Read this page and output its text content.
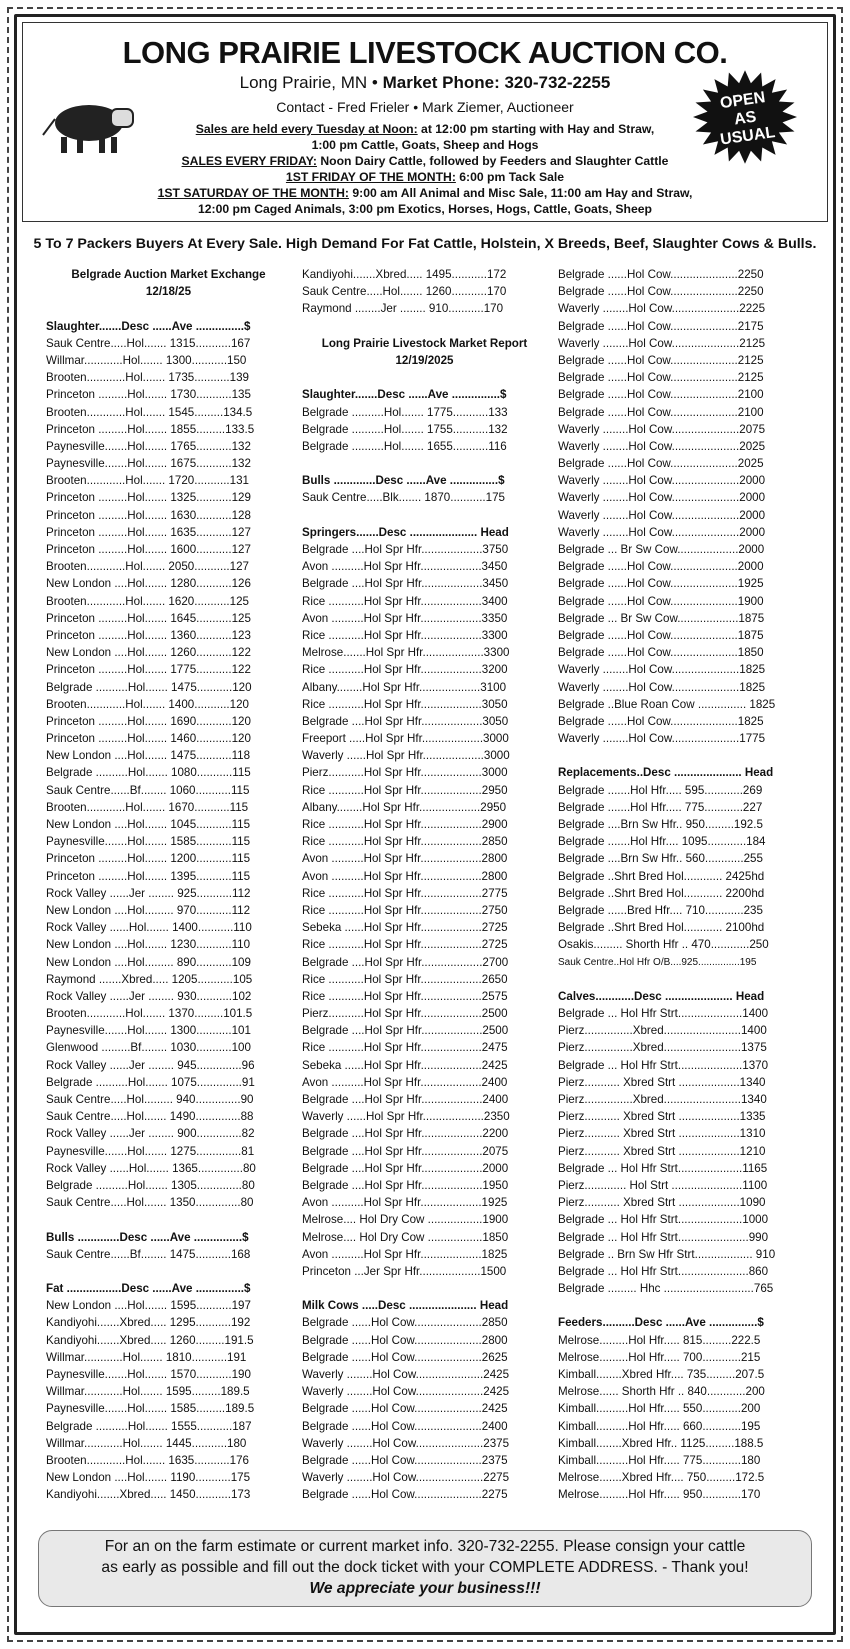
LONG PRAIRIE LIVESTOCK AUCTION CO.
Long Prairie, MN • Market Phone: 320-732-2255
Contact - Fred Frieler • Mark Ziemer, Auctioneer
Sales are held every Tuesday at Noon: at 12:00 pm starting with Hay and Straw,
1:00 pm Cattle, Goats, Sheep and Hogs
SALES EVERY FRIDAY: Noon Dairy Cattle, followed by Feeders and Slaughter Cattle
1ST FRIDAY OF THE MONTH: 6:00 pm Tack Sale
1ST SATURDAY OF THE MONTH: 9:00 am All Animal and Misc Sale, 11:00 am Hay and Straw,
12:00 pm Caged Animals, 3:00 pm Exotics, Horses, Hogs, Cattle, Goats, Sheep
OPEN
AS
USUAL
5 To 7 Packers Buyers At Every Sale. High Demand For Fat Cattle, Holstein, X Breeds, Beef, Slaughter Cows & Bulls.
Belgrade Auction Market Exchange
12/18/25
Slaughter.......Desc ......Ave ...............$
Sauk Centre.....Hol....... 1315...........167
Willmar............Hol....... 1300...........150
Brooten............Hol....... 1735...........139
Princeton .........Hol....... 1730...........135
Brooten............Hol....... 1545.........134.5
Princeton .........Hol....... 1855.........133.5
Paynesville.......Hol....... 1765...........132
Paynesville.......Hol....... 1675...........132
Brooten............Hol....... 1720...........131
Princeton .........Hol....... 1325...........129
Princeton .........Hol....... 1630...........128
Princeton .........Hol....... 1635...........127
Princeton .........Hol....... 1600...........127
Brooten............Hol....... 2050...........127
New London ....Hol....... 1280...........126
Brooten............Hol....... 1620...........125
Princeton .........Hol....... 1645...........125
Princeton .........Hol....... 1360...........123
New London ....Hol....... 1260...........122
Princeton .........Hol....... 1775...........122
Belgrade ..........Hol....... 1475...........120
Brooten............Hol....... 1400...........120
Princeton .........Hol....... 1690...........120
Princeton .........Hol....... 1460...........120
New London ....Hol....... 1475...........118
Belgrade ..........Hol....... 1080...........115
Sauk Centre......Bf........ 1060...........115
Brooten............Hol....... 1670...........115
New London ....Hol....... 1045...........115
Paynesville.......Hol....... 1585...........115
Princeton .........Hol....... 1200...........115
Princeton .........Hol....... 1395...........115
Rock Valley ......Jer ........ 925...........112
New London ....Hol......... 970...........112
Rock Valley ......Hol....... 1400...........110
New London ....Hol....... 1230...........110
New London ....Hol......... 890...........109
Raymond .......Xbred..... 1205...........105
Rock Valley ......Jer ........ 930...........102
Brooten............Hol....... 1370.........101.5
Paynesville.......Hol....... 1300...........101
Glenwood .........Bf........ 1030...........100
Rock Valley ......Jer ........ 945..............96
Belgrade ..........Hol....... 1075..............91
Sauk Centre.....Hol......... 940..............90
Sauk Centre.....Hol....... 1490..............88
Rock Valley ......Jer ........ 900..............82
Paynesville.......Hol....... 1275..............81
Rock Valley ......Hol....... 1365..............80
Belgrade ..........Hol....... 1305..............80
Sauk Centre.....Hol....... 1350..............80
Bulls .............Desc ......Ave ...............$
Sauk Centre......Bf........ 1475...........168
Fat .................Desc ......Ave ...............$
New London ....Hol....... 1595...........197
Kandiyohi.......Xbred..... 1295...........192
Kandiyohi.......Xbred..... 1260.........191.5
Willmar............Hol....... 1810...........191
Paynesville.......Hol....... 1570...........190
Willmar............Hol....... 1595.........189.5
Paynesville.......Hol....... 1585.........189.5
Belgrade ..........Hol....... 1555...........187
Willmar............Hol....... 1445...........180
Brooten............Hol....... 1635...........176
New London ....Hol....... 1190...........175
Kandiyohi.......Xbred..... 1450...........173
Kandiyohi.......Xbred..... 1495...........172
Sauk Centre.....Hol....... 1260...........170
Raymond ........Jer ........ 910...........170
Long Prairie Livestock Market Report
12/19/2025
Slaughter.......Desc ......Ave ...............$
Belgrade ..........Hol....... 1775...........133
Belgrade ..........Hol....... 1755...........132
Belgrade ..........Hol....... 1655...........116
Bulls .............Desc ......Ave ...............$
Sauk Centre.....Blk....... 1870...........175
Springers.......Desc ..................... Head
Belgrade ....Hol Spr Hfr...................3750
Avon ..........Hol Spr Hfr...................3450
Belgrade ....Hol Spr Hfr...................3450
Rice ...........Hol Spr Hfr...................3400
Avon ..........Hol Spr Hfr...................3350
Rice ...........Hol Spr Hfr...................3300
Melrose.......Hol Spr Hfr...................3300
Rice ...........Hol Spr Hfr...................3200
Albany........Hol Spr Hfr...................3100
Rice ...........Hol Spr Hfr...................3050
Belgrade ....Hol Spr Hfr...................3050
Freeport .....Hol Spr Hfr...................3000
Waverly ......Hol Spr Hfr...................3000
Pierz...........Hol Spr Hfr...................3000
Rice ...........Hol Spr Hfr...................2950
Albany........Hol Spr Hfr...................2950
Rice ...........Hol Spr Hfr...................2900
Rice ...........Hol Spr Hfr...................2850
Avon ..........Hol Spr Hfr...................2800
Avon ..........Hol Spr Hfr...................2800
Rice ...........Hol Spr Hfr...................2775
Rice ...........Hol Spr Hfr...................2750
Sebeka ......Hol Spr Hfr...................2725
Rice ...........Hol Spr Hfr...................2725
Belgrade ....Hol Spr Hfr...................2700
Rice ...........Hol Spr Hfr...................2650
Rice ...........Hol Spr Hfr...................2575
Pierz...........Hol Spr Hfr...................2500
Belgrade ....Hol Spr Hfr...................2500
Rice ...........Hol Spr Hfr...................2475
Sebeka ......Hol Spr Hfr...................2425
Avon ..........Hol Spr Hfr...................2400
Belgrade ....Hol Spr Hfr...................2400
Waverly ......Hol Spr Hfr...................2350
Belgrade ....Hol Spr Hfr...................2200
Belgrade ....Hol Spr Hfr...................2075
Belgrade ....Hol Spr Hfr...................2000
Belgrade ....Hol Spr Hfr...................1950
Avon ..........Hol Spr Hfr...................1925
Melrose.... Hol Dry Cow .................1900
Melrose.... Hol Dry Cow .................1850
Avon ..........Hol Spr Hfr...................1825
Princeton ...Jer Spr Hfr...................1500
Milk Cows .....Desc ..................... Head
Belgrade ......Hol Cow.....................2850
Belgrade ......Hol Cow.....................2800
Belgrade ......Hol Cow.....................2625
Waverly ........Hol Cow.....................2425
Waverly ........Hol Cow.....................2425
Belgrade ......Hol Cow.....................2425
Belgrade ......Hol Cow.....................2400
Waverly ........Hol Cow.....................2375
Belgrade ......Hol Cow.....................2375
Waverly ........Hol Cow.....................2275
Belgrade ......Hol Cow.....................2275
Belgrade ......Hol Cow.....................2250
Belgrade ......Hol Cow.....................2250
Waverly ........Hol Cow.....................2225
Belgrade ......Hol Cow.....................2175
Waverly ........Hol Cow.....................2125
Belgrade ......Hol Cow.....................2125
Belgrade ......Hol Cow.....................2125
Belgrade ......Hol Cow.....................2100
Belgrade ......Hol Cow.....................2100
Waverly ........Hol Cow.....................2075
Waverly ........Hol Cow.....................2025
Belgrade ......Hol Cow.....................2025
Waverly ........Hol Cow.....................2000
Waverly ........Hol Cow.....................2000
Waverly ........Hol Cow.....................2000
Waverly ........Hol Cow.....................2000
Belgrade ... Br Sw Cow...................2000
Belgrade ......Hol Cow.....................2000
Belgrade ......Hol Cow.....................1925
Belgrade ......Hol Cow.....................1900
Belgrade ... Br Sw Cow...................1875
Belgrade ......Hol Cow.....................1875
Belgrade ......Hol Cow.....................1850
Waverly ........Hol Cow.....................1825
Waverly ........Hol Cow.....................1825
Belgrade ..Blue Roan Cow ............... 1825
Belgrade ......Hol Cow.....................1825
Waverly ........Hol Cow.....................1775
Replacements..Desc ..................... Head
Belgrade .......Hol Hfr..... 595............269
Belgrade .......Hol Hfr..... 775............227
Belgrade ....Brn Sw Hfr.. 950.........192.5
Belgrade .......Hol Hfr.... 1095............184
Belgrade ....Brn Sw Hfr.. 560............255
Belgrade ..Shrt Bred Hol............ 2425hd
Belgrade ..Shrt Bred Hol............ 2200hd
Belgrade ......Bred Hfr.... 710............235
Belgrade ..Shrt Bred Hol............ 2100hd
Osakis......... Shorth Hfr .. 470............250
Sauk Centre..Hol Hfr O/B....925...............195
Calves............Desc ..................... Head
Belgrade ... Hol Hfr Strt....................1400
Pierz...............Xbred........................1400
Pierz...............Xbred........................1375
Belgrade ... Hol Hfr Strt....................1370
Pierz........... Xbred Strt ...................1340
Pierz...............Xbred........................1340
Pierz........... Xbred Strt ...................1335
Pierz........... Xbred Strt ...................1310
Pierz........... Xbred Strt ...................1210
Belgrade ... Hol Hfr Strt....................1165
Pierz............. Hol Strt ......................1100
Pierz........... Xbred Strt ...................1090
Belgrade ... Hol Hfr Strt....................1000
Belgrade ... Hol Hfr Strt......................990
Belgrade .. Brn Sw Hfr Strt.................. 910
Belgrade ... Hol Hfr Strt......................860
Belgrade ......... Hhc ............................765
Feeders..........Desc ......Ave ...............$
Melrose.........Hol Hfr..... 815.........222.5
Melrose.........Hol Hfr..... 700............215
Kimball........Xbred Hfr.... 735.........207.5
Melrose...... Shorth Hfr .. 840............200
Kimball..........Hol Hfr..... 550............200
Kimball..........Hol Hfr..... 660............195
Kimball........Xbred Hfr.. 1125.........188.5
Kimball..........Hol Hfr..... 775............180
Melrose.......Xbred Hfr.... 750.........172.5
Melrose.........Hol Hfr..... 950............170
For an on the farm estimate or current market info. 320-732-2255. Please consign your cattle
as early as possible and fill out the dock ticket with your COMPLETE ADDRESS. - Thank you!
We appreciate your business!!!
